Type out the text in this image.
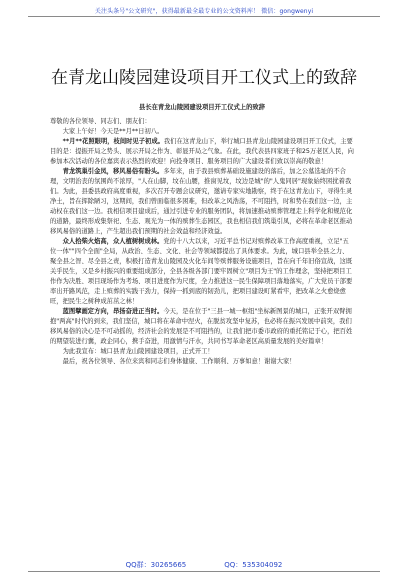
关注头条号"公文研究"，获得最新最全最专业的公文资料库！ 微信：gongwenyi
在青龙山陵园建设项目开工仪式上的致辞
县长在青龙山陵园建设项目开工仪式上的致辞

尊敬的各位领导、同志们、朋友们：

大家上午好！今天是**月**日初八。

**月**花照眼明，枝间时见子初成。我们在这青龙山下，举行城口县青龙山陵园建设项目开工仪式，主要目的是：提振开局之势头、展示开局之作为、彰显开局之气象。在此，我代表县四家班子和25万老区人民，向参加本次活动的各位嘉宾表示热烈的欢迎！向投身项目、服务项目的广大建设者们致以崇高的敬意！

青龙筑巢引金凤，移风易俗有盼头。多年来，由于我县殡葬基础设施建设的落后，加之公墓选址的不合理，文明治丧的氛围尚不浓厚，"人在山脚，坟在山腰，推窗见坟，坟边是城"的"人鬼同居"现象始终困扰着我们。为此，县委县政府高度重视，多次召开专题会议研究，邀请专家实地勘察，终于在这青龙山下，寻得生灵净土，旨在挥除陋习，这期间，我们曾面临很多困难，但改革之风浩荡，不可阻挡，时和势在我们这一边，主动权在我们这一边。我相信项目建成后，通过引进专业的服务团队，将加速推动殡葬管理走上科学化和规范化的道路，最终形成集祭祀、生态、观光为一体的殡葬生态园区，我也相信我们筑巢引凤，必将在革命老区推动移风易俗的道路上，产生超出我们预期的社会效益和经济效益。

众人拾柴火焰高，众人植树树成林。党的十八大以来，习近平总书记对殡葬改革工作高度重视，立足"五位一体""四个全面"全局，从政治、生态、文化、社会等领域都提出了具体要求。为此，城口县举全县之力、聚全县之智、尽全县之责，积极打造青龙山陵园及火化车间等殡葬服务设施项目，旨在向千年旧俗宣战，这既关乎民生，又是乡村振兴的重要组成部分，全县各级各部门要牢固树立"项目为王"的工作理念，坚持把项目工作作为决胜、项目现场作为考场、项目进度作为尺度，全力推进这一民生保障项目落地落实，广大党员干部要率出开路风范，走上殡葬的实践干劲力，保持一抓到底的韧劲儿，把项目建设町紧看牢，把改革之火愈烧愈旺，把民生之树种成茁茁之林！

蓝图擘画定方向，昂扬奋进正当时。今天，是在位于"三县一城一枢纽"坐标新图景的城口，正张开双臂拥抱"两高"时代的到来，我们坚信，城口将在革命中涅火，在脱贫攻坚中复苏，也必将在振兴发展中前突，我们移风易俗的决心是不可动摇的，经济社会的发展是不可阻挡的，让我们把市委市政府的重托铭记于心，把百姓的期望装进行囊，政企同心，携手奋进，用激情与汗水，共同书写革命老区高质量发展的美好篇章！

为此我宣布：城口县青龙山陵园建设项目，正式开工！

最后，祝各位领导、各位来宾和同志们身体健康、工作顺利、万事如意！谢谢大家！

QQ群：30265665	QQ：535304092
